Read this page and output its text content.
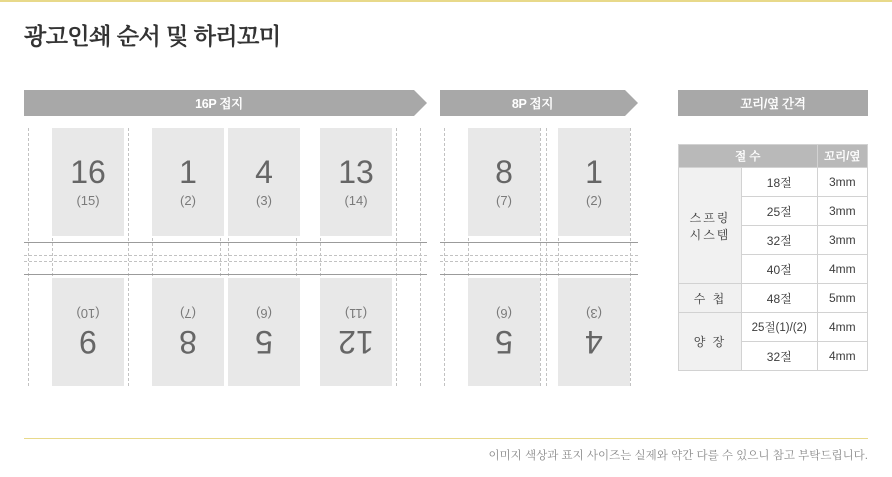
광고인쇄 순서 및 하리꼬미
16P 접지	8P 접지	꼬리/옆 간격
16
(15)
1
(2)
4
(3)
13
(14)
9
(10)
8
(7)
5
(6)
12
(11)
8
(7)
1
(2)
5
(6)
4
(3)
절 수		꼬리/옆

스프링
시스템	18절	3mm
	25절	3mm
	32절	3mm
	40절	4mm
수 첩	48절	5mm
양 장	25절(1)/(2)	4mm
	32절	4mm
이미지 색상과 표지 사이즈는 실제와 약간 다를 수 있으니 참고 부탁드립니다.
